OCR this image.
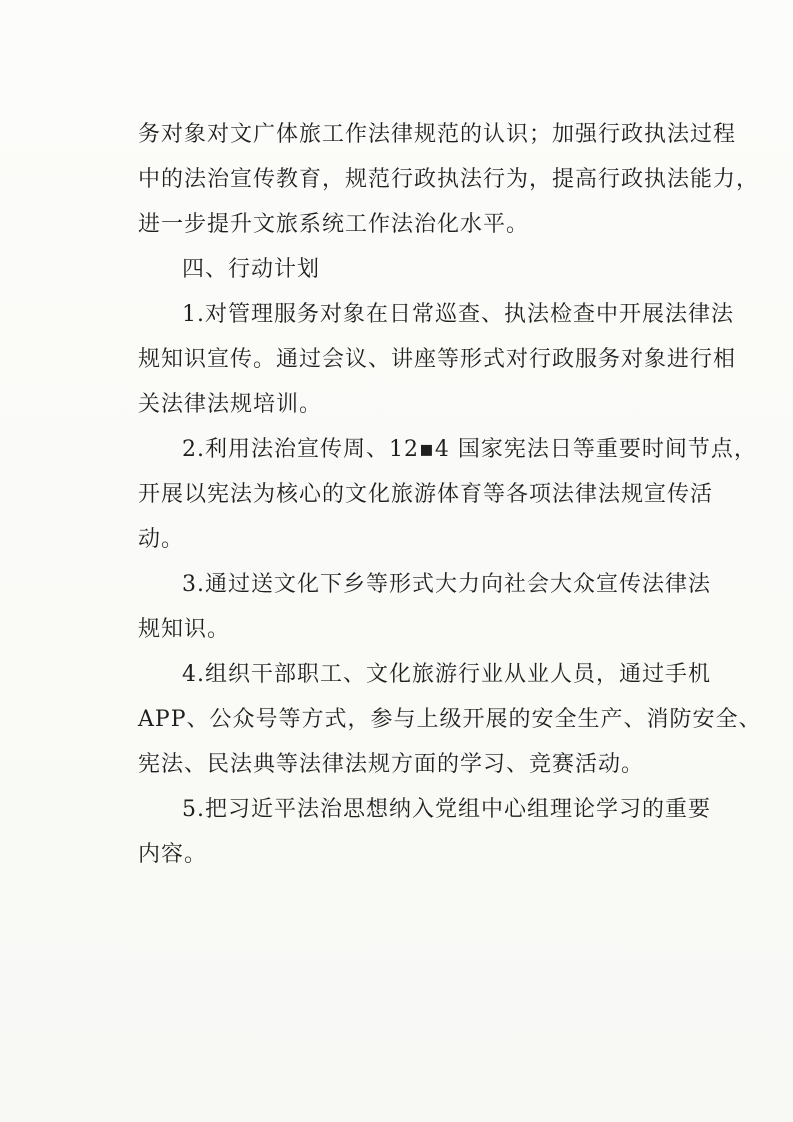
务对象对文广体旅工作法律规范的认识；加强行政执法过程
中的法治宣传教育，规范行政执法行为，提高行政执法能力，
进一步提升文旅系统工作法治化水平。
四、行动计划
1.对管理服务对象在日常巡查、执法检查中开展法律法
规知识宣传。通过会议、讲座等形式对行政服务对象进行相
关法律法规培训。
2.利用法治宣传周、12▪4 国家宪法日等重要时间节点，
开展以宪法为核心的文化旅游体育等各项法律法规宣传活
动。
3.通过送文化下乡等形式大力向社会大众宣传法律法
规知识。
4.组织干部职工、文化旅游行业从业人员，通过手机
APP、公众号等方式，参与上级开展的安全生产、消防安全、
宪法、民法典等法律法规方面的学习、竞赛活动。
5.把习近平法治思想纳入党组中心组理论学习的重要
内容。
